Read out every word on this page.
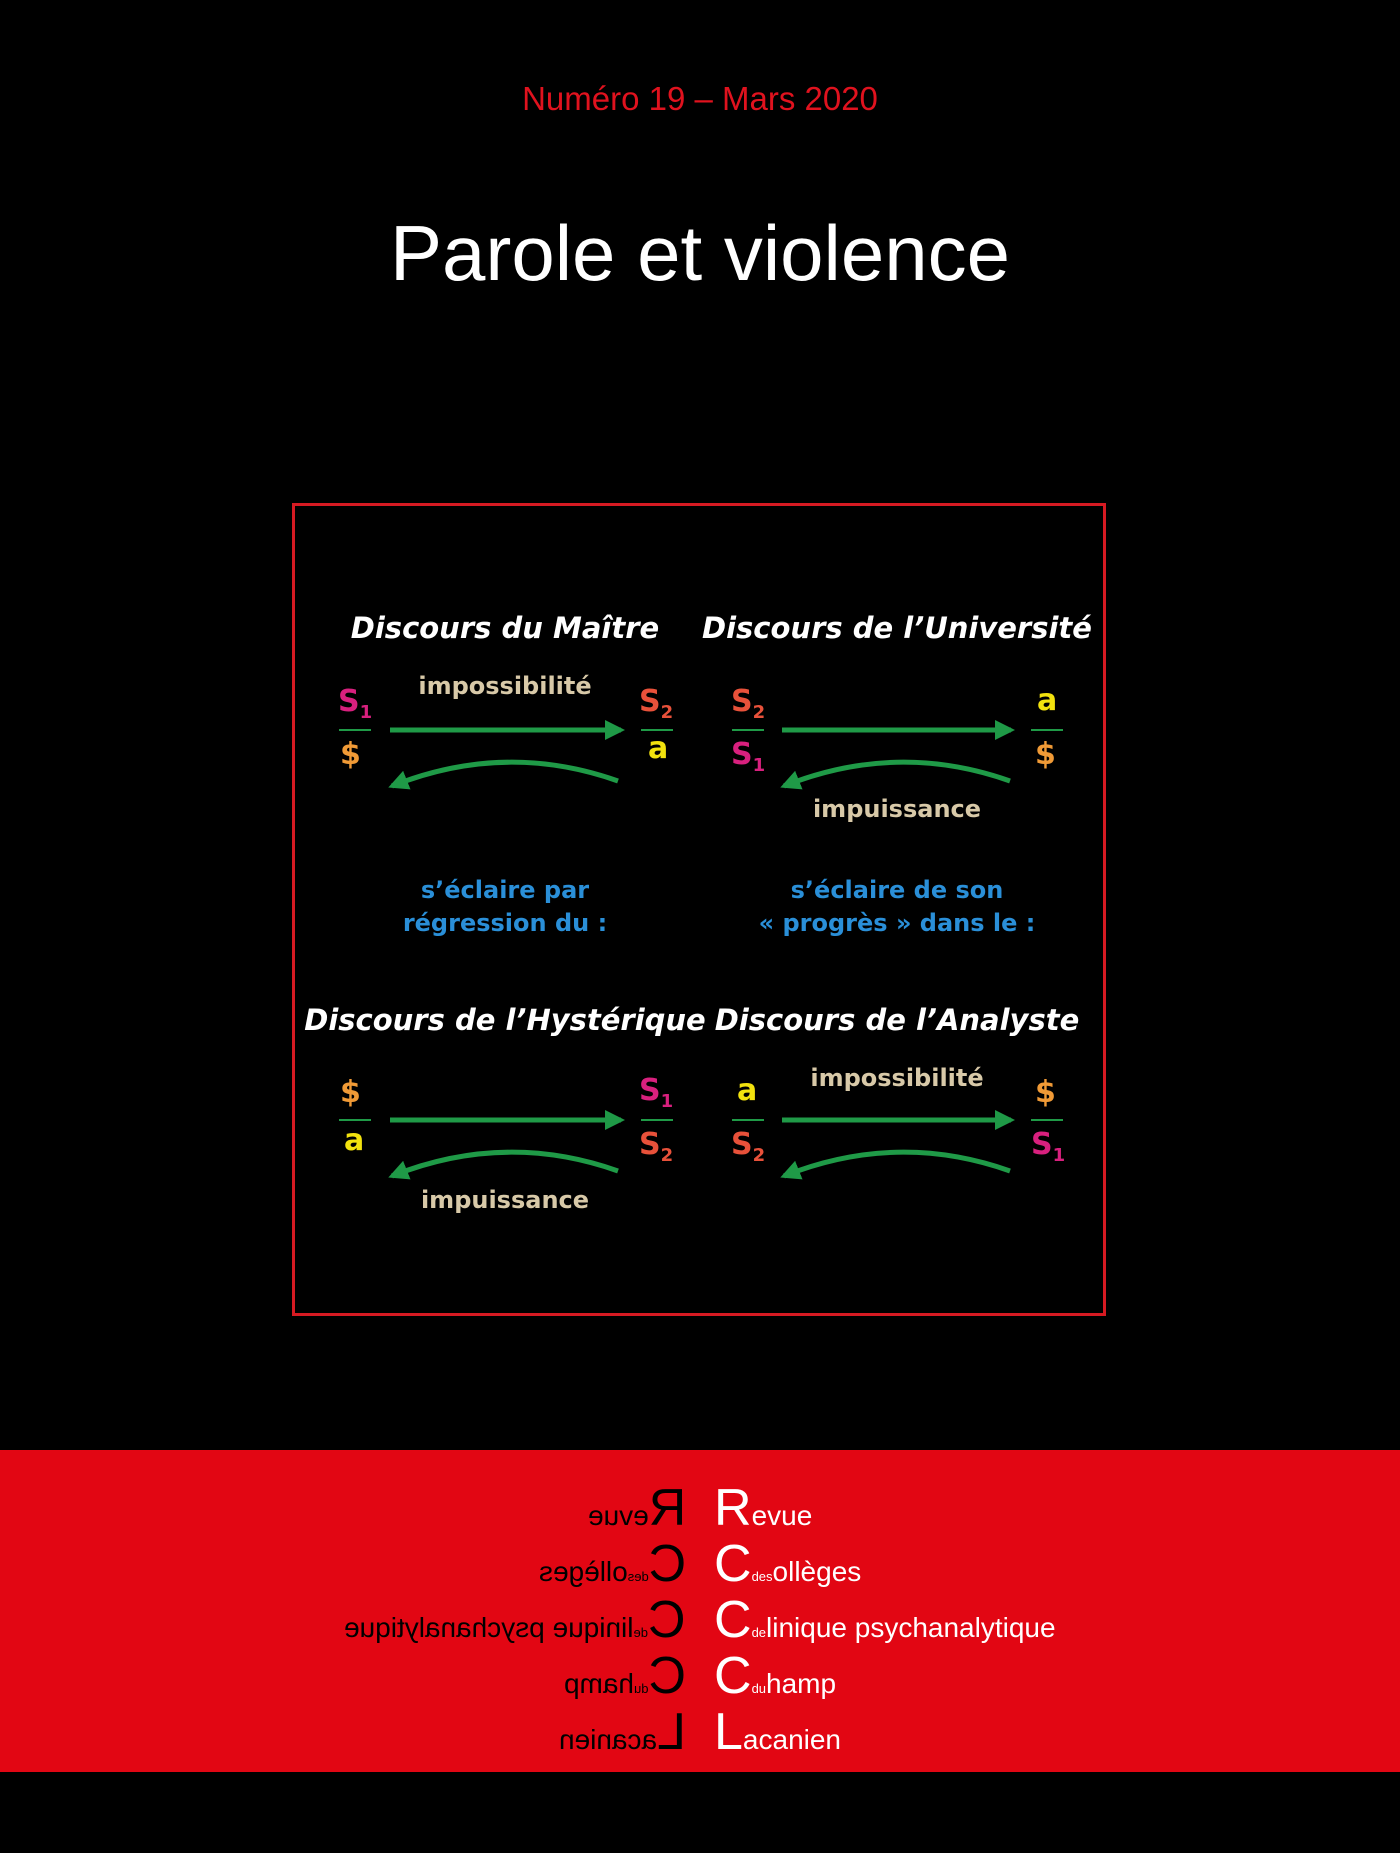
Numéro 19 – Mars 2020
Parole et violence
Discours du Maître
impossibilité
$S_1$
$
$S_2$
a
Discours de l’Université
$S_2$
$S_1$
a
$
impuissance
s’éclaire par
régression du :
s’éclaire de son
« progrès » dans le :
Discours de l’Hystérique
$
a
$S_1$
$S_2$
impuissance
Discours de l’Analyste
impossibilité
a
$S_2$
$
$S_1$
Revue
Revue
Cdesollèges
Cdesollèges
Cdelinique psychanalytique
Cdelinique psychanalytique
Cduhamp
Cduhamp
Lacanien
Lacanien
